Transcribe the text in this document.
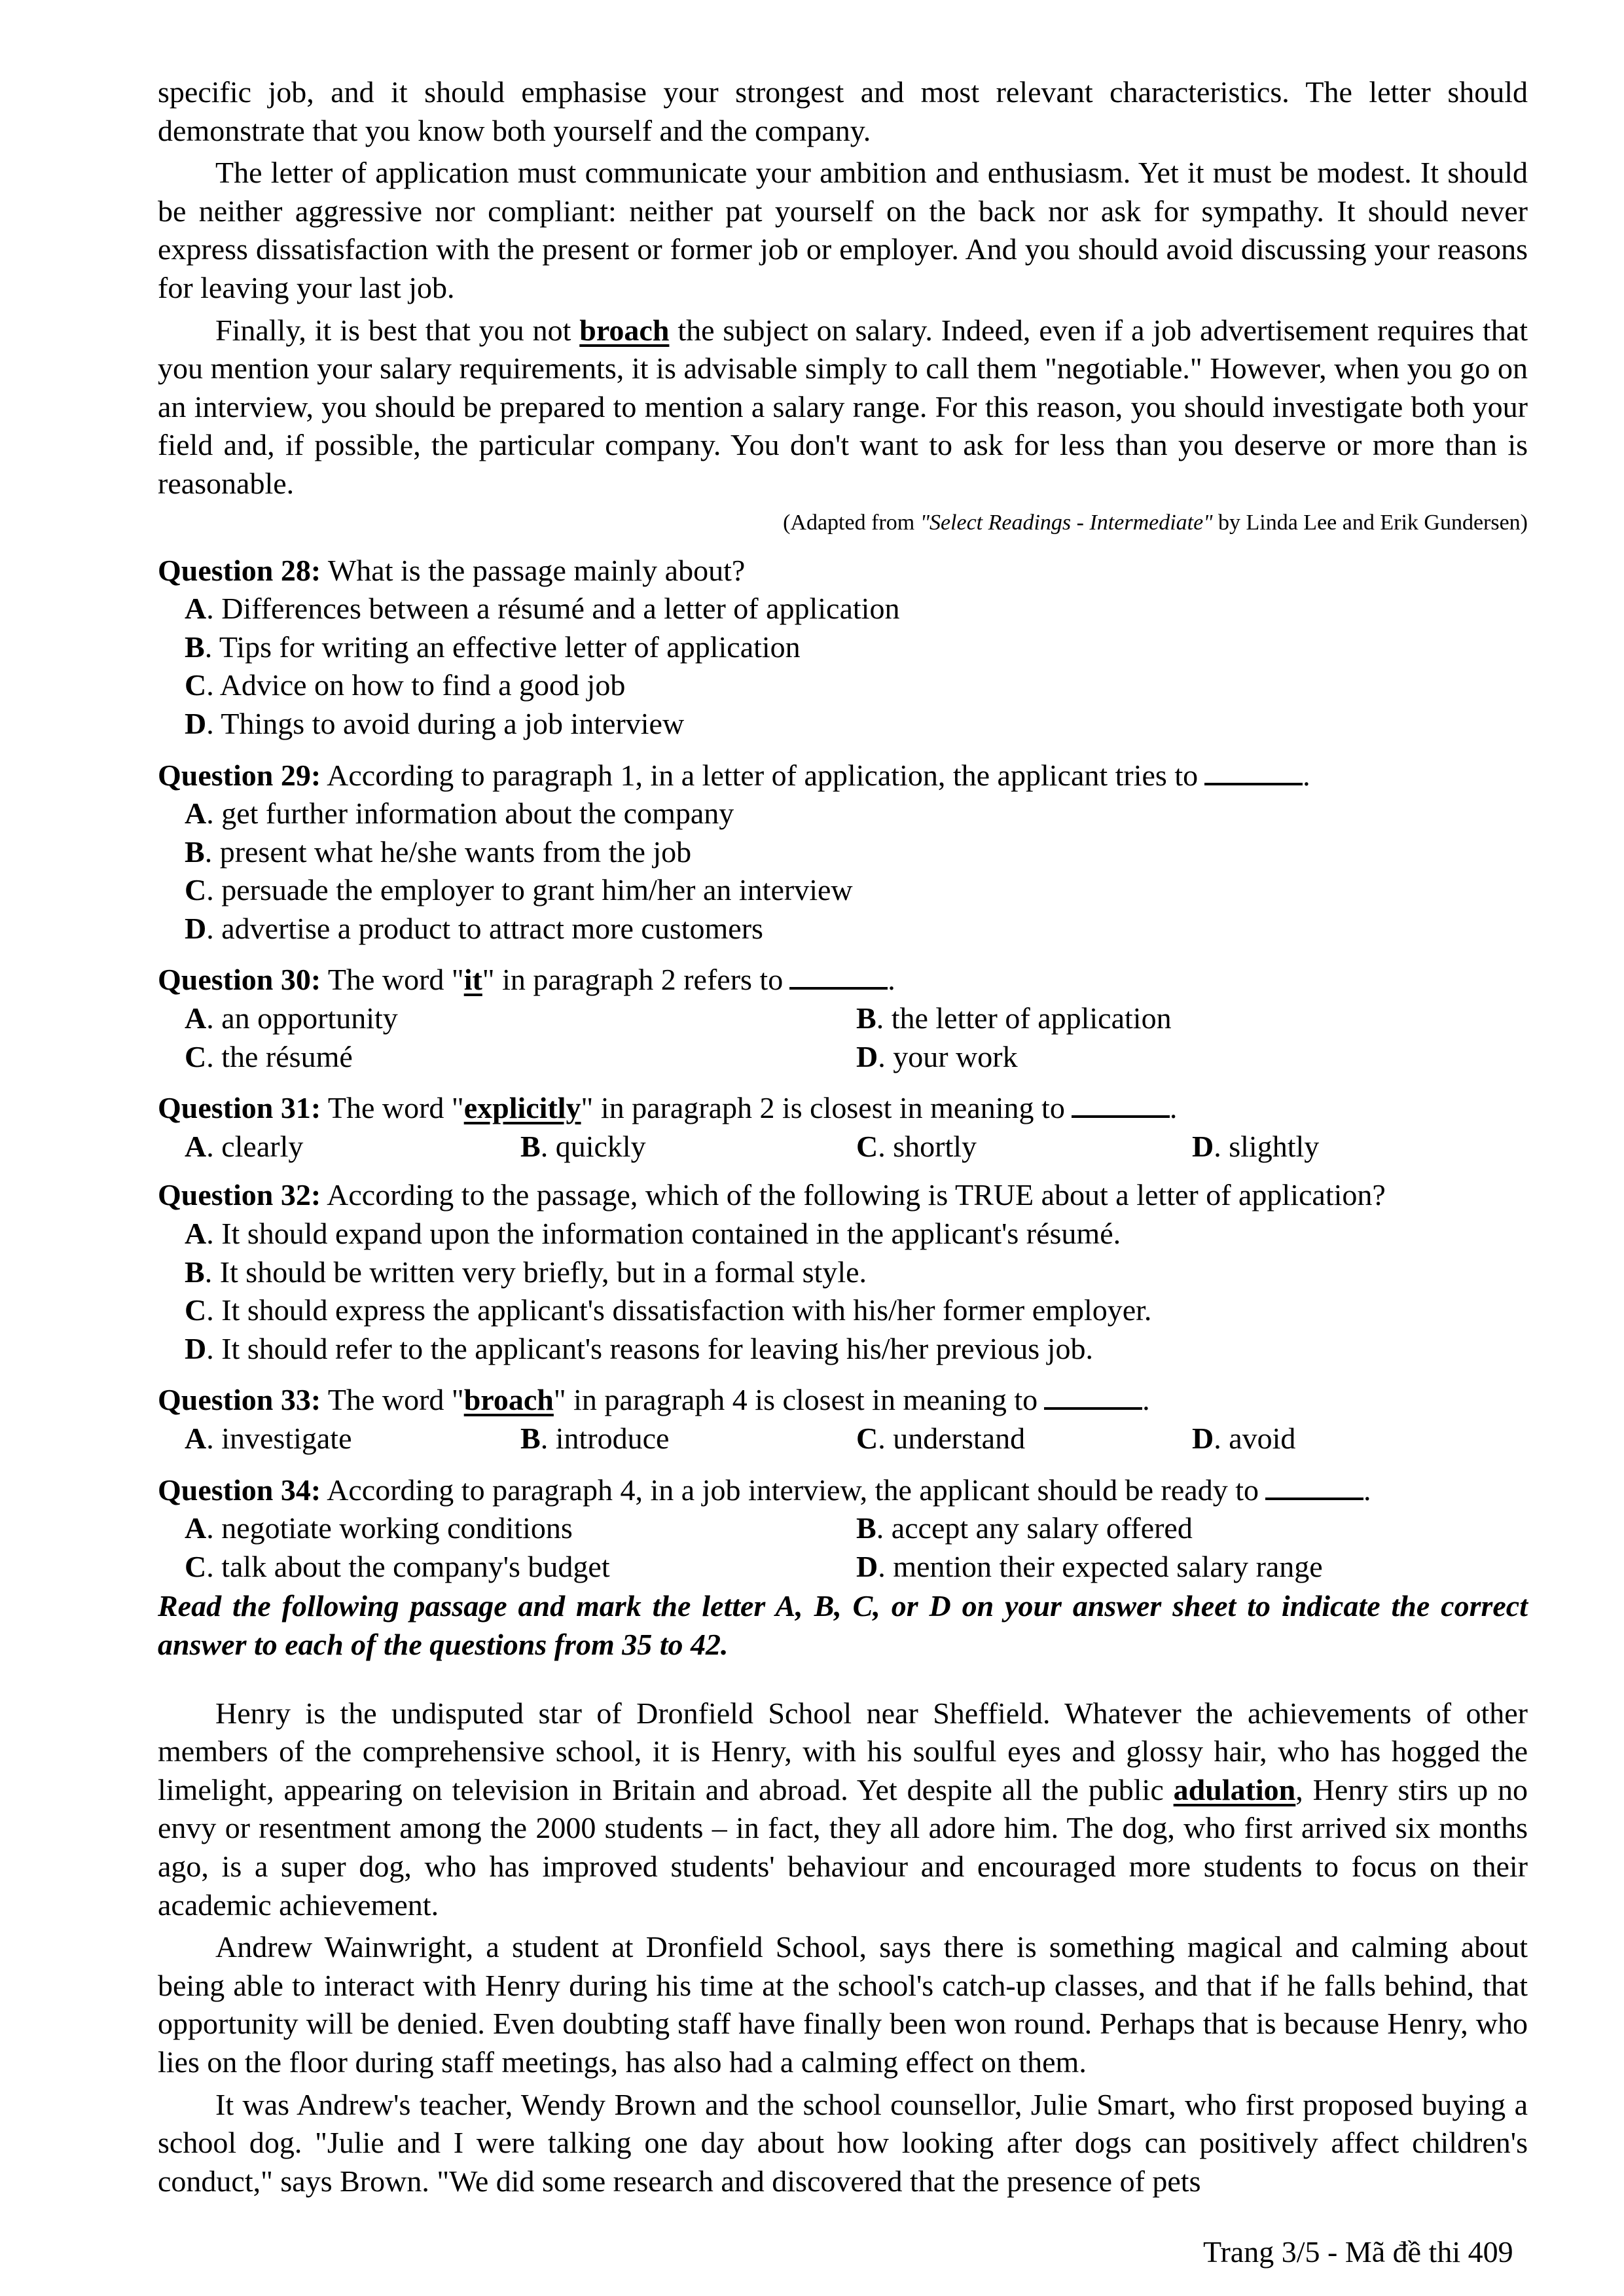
specific job, and it should emphasise your strongest and most relevant characteristics. The letter should demonstrate that you know both yourself and the company.

The letter of application must communicate your ambition and enthusiasm. Yet it must be modest. It should be neither aggressive nor compliant: neither pat yourself on the back nor ask for sympathy. It should never express dissatisfaction with the present or former job or employer. And you should avoid discussing your reasons for leaving your last job.

Finally, it is best that you not broach the subject on salary. Indeed, even if a job advertisement requires that you mention your salary requirements, it is advisable simply to call them "negotiable." However, when you go on an interview, you should be prepared to mention a salary range. For this reason, you should investigate both your field and, if possible, the particular company. You don't want to ask for less than you deserve or more than is reasonable.

(Adapted from "Select Readings - Intermediate" by Linda Lee and Erik Gundersen)
Question 28: What is the passage mainly about?
A. Differences between a résumé and a letter of application
B. Tips for writing an effective letter of application
C. Advice on how to find a good job
D. Things to avoid during a job interview
Question 29: According to paragraph 1, in a letter of application, the applicant tries to	.
A. get further information about the company
B. present what he/she wants from the job
C. persuade the employer to grant him/her an interview
D. advertise a product to attract more customers
Question 30: The word "it" in paragraph 2 refers to	.
A. an opportunity	B. the letter of application
C. the résumé	D. your work
Question 31: The word "explicitly" in paragraph 2 is closest in meaning to	.
A. clearly	B. quickly	C. shortly	D. slightly
Question 32: According to the passage, which of the following is TRUE about a letter of application?
A. It should expand upon the information contained in the applicant's résumé.
B. It should be written very briefly, but in a formal style.
C. It should express the applicant's dissatisfaction with his/her former employer.
D. It should refer to the applicant's reasons for leaving his/her previous job.
Question 33: The word "broach" in paragraph 4 is closest in meaning to	.
A. investigate	B. introduce	C. understand	D. avoid
Question 34: According to paragraph 4, in a job interview, the applicant should be ready to	.
A. negotiate working conditions	B. accept any salary offered
C. talk about the company's budget	D. mention their expected salary range

Read the following passage and mark the letter A, B, C, or D on your answer sheet to indicate the correct answer to each of the questions from 35 to 42.

Henry is the undisputed star of Dronfield School near Sheffield. Whatever the achievements of other members of the comprehensive school, it is Henry, with his soulful eyes and glossy hair, who has hogged the limelight, appearing on television in Britain and abroad. Yet despite all the public adulation, Henry stirs up no envy or resentment among the 2000 students – in fact, they all adore him. The dog, who first arrived six months ago, is a super dog, who has improved students' behaviour and encouraged more students to focus on their academic achievement.

Andrew Wainwright, a student at Dronfield School, says there is something magical and calming about being able to interact with Henry during his time at the school's catch-up classes, and that if he falls behind, that opportunity will be denied. Even doubting staff have finally been won round. Perhaps that is because Henry, who lies on the floor during staff meetings, has also had a calming effect on them.

It was Andrew's teacher, Wendy Brown and the school counsellor, Julie Smart, who first proposed buying a school dog. "Julie and I were talking one day about how looking after dogs can positively affect children's conduct," says Brown. "We did some research and discovered that the presence of pets

Trang 3/5 - Mã đề thi 409
